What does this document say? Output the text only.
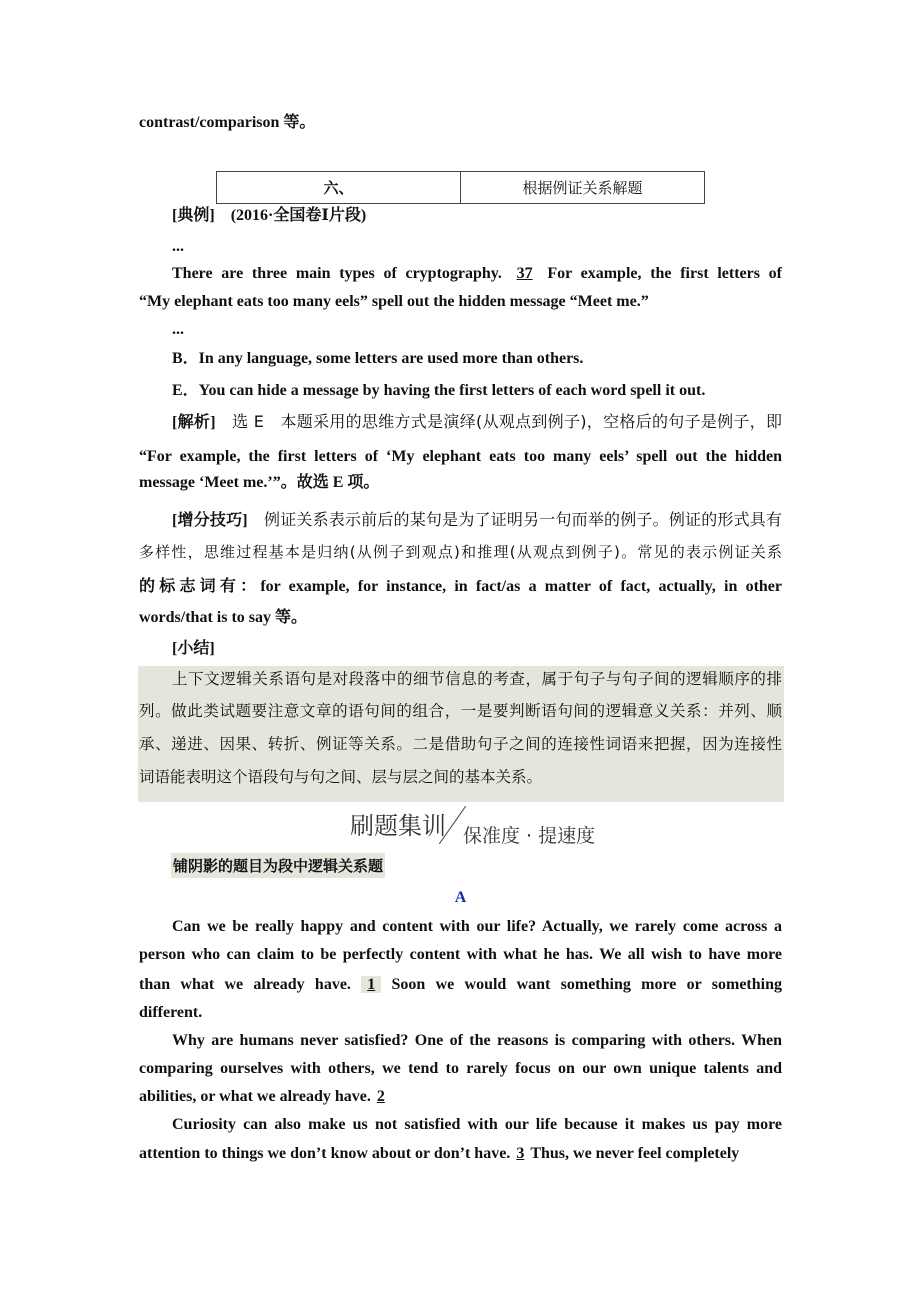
contrast/comparison 等。
六、	根据例证关系解题
[典例]　 (2016·全国卷Ⅰ片段)
...
There are three main types of cryptography. 37 For example, the first letters of
“My elephant eats too many eels” spell out the hidden message “Meet me.”
...
B．In any language, some letters are used more than others.
E．You can hide a message by having the first letters of each word spell it out.
[解析]　 选 E　本题采用的思维方式是演绎(从观点到例子)，空格后的句子是例子，即
“For example, the first letters of ‘My elephant eats too many eels’ spell out the hidden
message ‘Meet me.’”。故选 E 项。
[增分技巧]　 例证关系表示前后的某句是为了证明另一句而举的例子。例证的形式具有
多样性，思维过程基本是归纳(从例子到观点)和推理(从观点到例子)。常见的表示例证关系
的标志词有：for example, for instance, in fact/as a matter of fact, actually, in other
words/that is to say 等。
[小结]
上下文逻辑关系语句是对段落中的细节信息的考查，属于句子与句子间的逻辑顺序的排
列。做此类试题要注意文章的语句间的组合，一是要判断语句间的逻辑意义关系：并列、顺
承、递进、因果、转折、例证等关系。二是借助句子之间的连接性词语来把握，因为连接性
词语能表明这个语段句与句之间、层与层之间的基本关系。
刷题集训 保准度 · 提速度
铺阴影的题目为段中逻辑关系题
A
Can we be really happy and content with our life? Actually, we rarely come across a
person who can claim to be perfectly content with what he has. We all wish to have more
than what we already have. 1 Soon we would want something more or something
different.
Why are humans never satisfied? One of the reasons is comparing with others. When
comparing ourselves with others, we tend to rarely focus on our own unique talents and
abilities, or what we already have. 2
Curiosity can also make us not satisfied with our life because it makes us pay more
attention to things we don’t know about or don’t have. 3 Thus, we never feel completely
